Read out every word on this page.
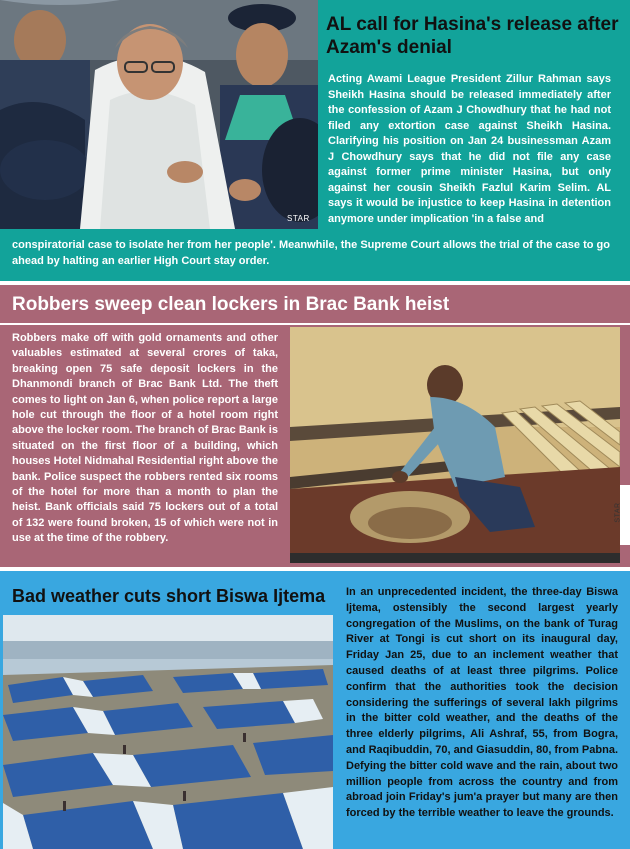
STAR
AL call for Hasina's release after Azam's denial

Acting Awami League President Zillur Rahman says Sheikh Hasina should be released immediately after the confession of Azam J Chowdhury that he had not filed any extortion case against Sheikh Hasina. Clarifying his position on Jan 24 businessman Azam J Chowdhury says that he did not file any case against former prime minister Hasina, but only against her cousin Sheikh Fazlul Karim Selim. AL says it would be injustice to keep Hasina in detention anymore under implication 'in a false and

conspiratorial case to isolate her from her people'. Meanwhile, the Supreme Court allows the trial of the case to go ahead by halting an earlier High Court stay order.

Robbers sweep clean lockers in Brac Bank heist

Robbers make off with gold ornaments and other valuables estimated at several crores of taka, breaking open 75 safe deposit lockers in the Dhanmondi branch of Brac Bank Ltd. The theft comes to light on Jan 6, when police report a large hole cut through the floor of a hotel room right above the locker room. The branch of Brac Bank is situated on the first floor of a building, which houses Hotel Nidmahal Residential right above the bank. Police suspect the robbers rented six rooms of the hotel for more than a month to plan the heist. Bank officials said 75 lockers out of a total of 132 were found broken, 15 of which were not in use at the time of the robbery.

STAR
Bad weather cuts short Biswa Ijtema	In an unprecedented incident, the three-day Biswa Ijtema, ostensibly the second largest yearly congregation of the Muslims, on the bank of Turag River at Tongi is cut short on its inaugural day, Friday Jan 25, due to an inclement weather that caused deaths of at least three pilgrims. Police confirm that the authorities took the decision considering the sufferings of several lakh pilgrims in the bitter cold weather, and the deaths of the three elderly pilgrims, Ali Ashraf, 55, from Bogra, and Raqibuddin, 70, and Giasuddin, 80, from Pabna. Defying the bitter cold wave and the rain, about two million people from across the country and from abroad join Friday's jum'a prayer but many are then forced by the terrible weather to leave the grounds.
